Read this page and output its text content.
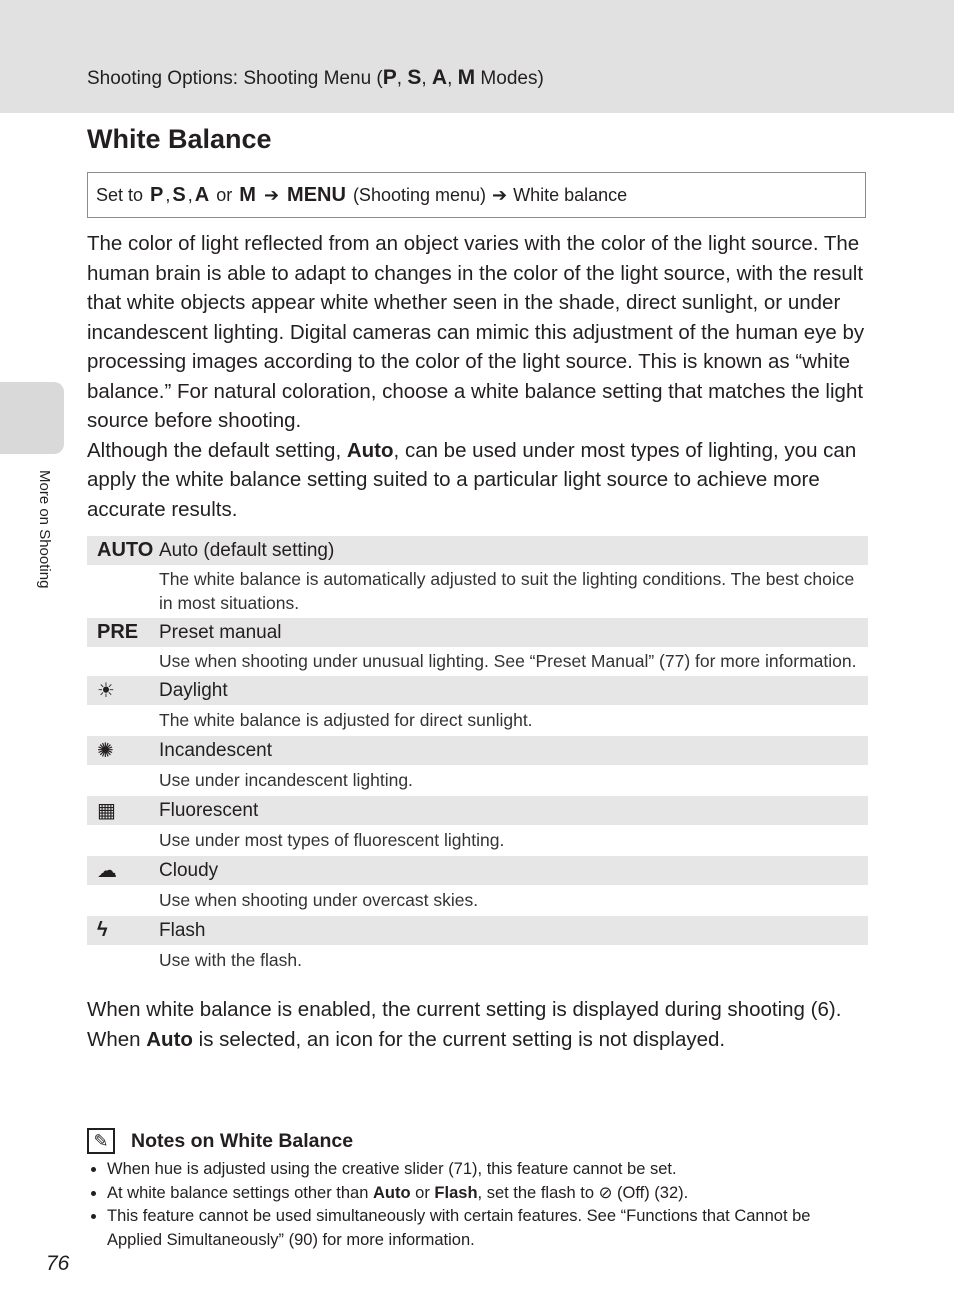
Shooting Options: Shooting Menu (P, S, A, M Modes)
More on Shooting
White Balance
Set to
P , S , A
or
M ➔ MENU
(Shooting menu) ➔ White balance

The color of light reflected from an object varies with the color of the light source. The human brain is able to adapt to changes in the color of the light source, with the result that white objects appear white whether seen in the shade, direct sunlight, or under incandescent lighting. Digital cameras can mimic this adjustment of the human eye by processing images according to the color of the light source. This is known as “white balance.” For natural coloration, choose a white balance setting that matches the light source before shooting.

Although the default setting, Auto, can be used under most types of lighting, you can apply the white balance setting suited to a particular light source to achieve more accurate results.

AUTO Auto (default setting)
The white balance is automatically adjusted to suit the lighting conditions. The best choice in most situations.
PRE	Preset manual
Use when shooting under unusual lighting. See “Preset Manual” (77) for more information.
☀	Daylight
The white balance is adjusted for direct sunlight.
✺	Incandescent
Use under incandescent lighting.
▦	Fluorescent
Use under most types of fluorescent lighting.
☁	Cloudy
Use when shooting under overcast skies.
ϟ	Flash
Use with the flash.

When white balance is enabled, the current setting is displayed during shooting (6). When Auto is selected, an icon for the current setting is not displayed.

✎	Notes on White Balance
• When hue is adjusted using the creative slider (71), this feature cannot be set.
• At white balance settings other than Auto or Flash, set the flash to ⊘ (Off) (32).
• This feature cannot be used simultaneously with certain features. See “Functions that Cannot be Applied Simultaneously” (90) for more information.
76
